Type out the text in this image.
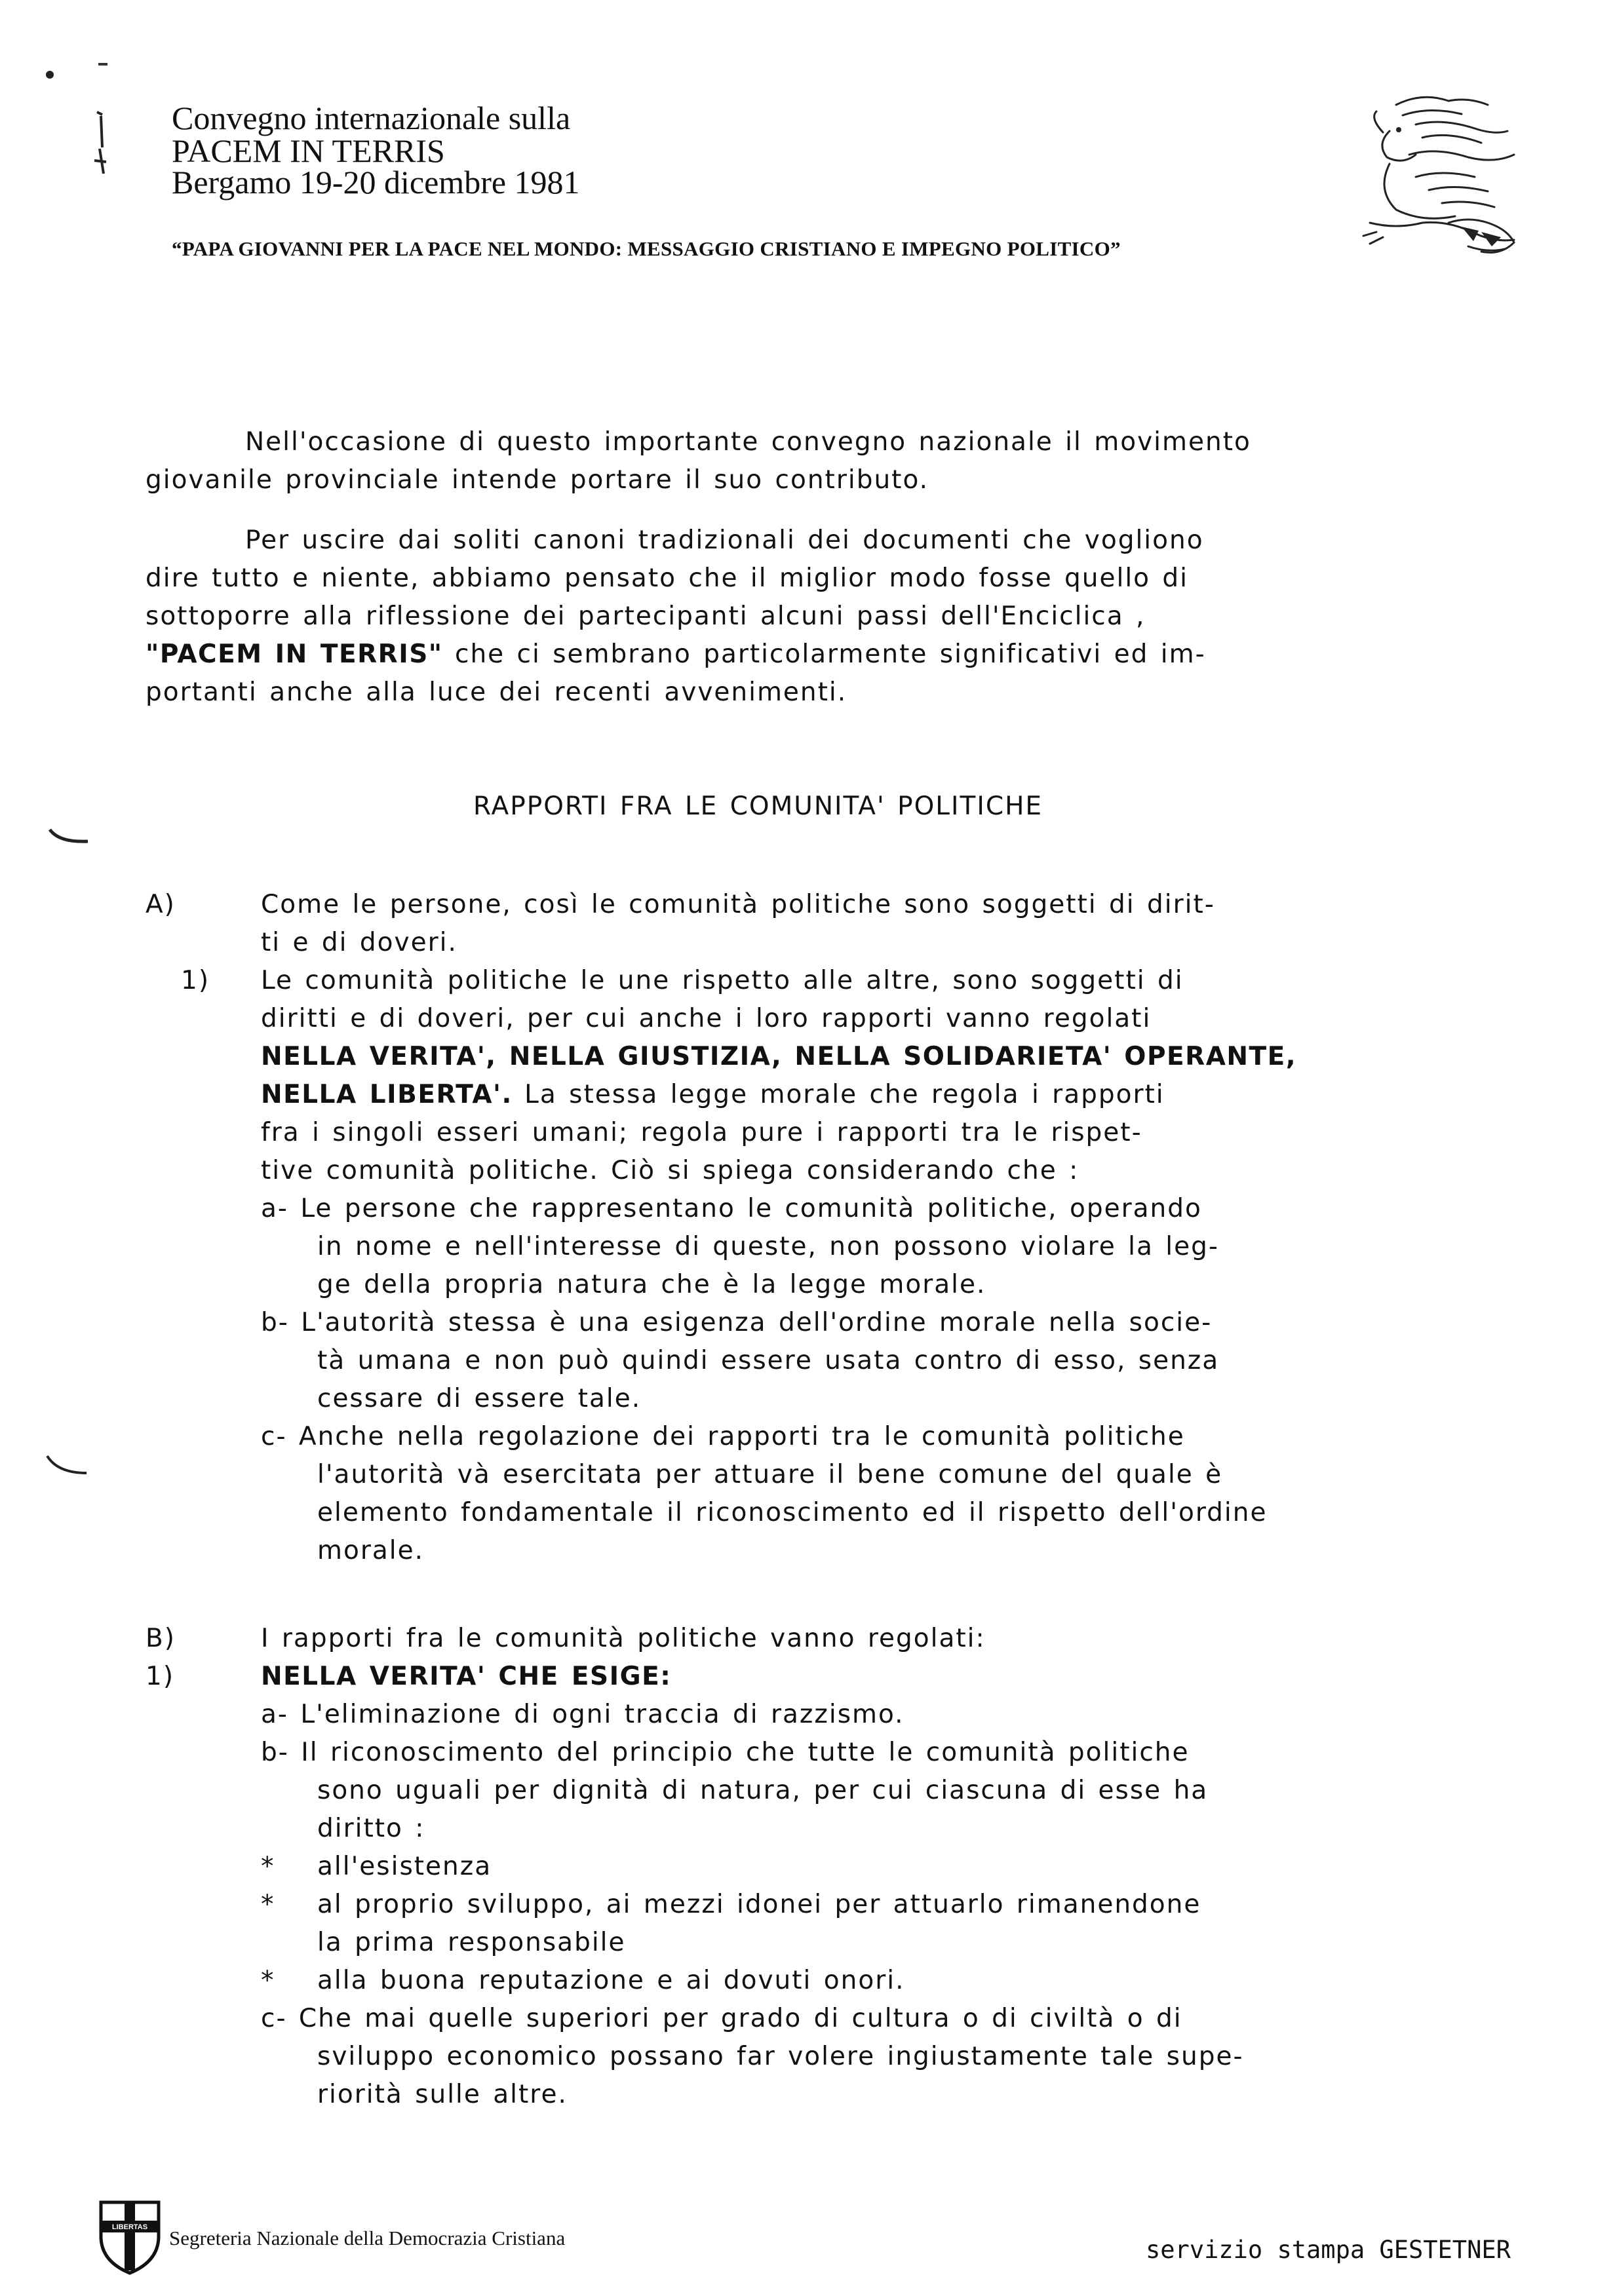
Convegno internazionale sulla
PACEM IN TERRIS
Bergamo 19-20 dicembre 1981
“PAPA GIOVANNI PER LA PACE NEL MONDO: MESSAGGIO CRISTIANO E IMPEGNO POLITICO”
Nell'occasione di questo importante convegno nazionale il movimento
giovanile provinciale intende portare il suo contributo.
Per uscire dai soliti canoni tradizionali dei documenti che vogliono
dire tutto e niente, abbiamo pensato che il miglior modo fosse quello di
sottoporre alla riflessione dei partecipanti alcuni passi dell'Enciclica ,
"PACEM IN TERRIS" che ci sembrano particolarmente significativi ed im-
portanti anche alla luce dei recenti avvenimenti.
RAPPORTI FRA LE COMUNITA' POLITICHE
A)	Come le persone, così le comunità politiche sono soggetti di dirit-
ti e di doveri.
1) Le comunità politiche le une rispetto alle altre, sono soggetti di
diritti e di doveri, per cui anche i loro rapporti vanno regolati
NELLA VERITA', NELLA GIUSTIZIA, NELLA SOLIDARIETA' OPERANTE,
NELLA LIBERTA'. La stessa legge morale che regola i rapporti
fra i singoli esseri umani; regola pure i rapporti tra le rispet-
tive comunità politiche. Ciò si spiega considerando che :
a- Le persone che rappresentano le comunità politiche, operando
in nome e nell'interesse di queste, non possono violare la leg-
ge della propria natura che è la legge morale.
b- L'autorità stessa è una esigenza dell'ordine morale nella socie-
tà umana e non può quindi essere usata contro di esso, senza
cessare di essere tale.
c- Anche nella regolazione dei rapporti tra le comunità politiche
l'autorità và esercitata per attuare il bene comune del quale è
elemento fondamentale il riconoscimento ed il rispetto dell'ordine
morale.
B)	I rapporti fra le comunità politiche vanno regolati:
1)	NELLA VERITA' CHE ESIGE:
a- L'eliminazione di ogni traccia di razzismo.
b- Il riconoscimento del principio che tutte le comunità politiche
sono uguali per dignità di natura, per cui ciascuna di esse ha
diritto :
* all'esistenza
* al proprio sviluppo, ai mezzi idonei per attuarlo rimanendone
la prima responsabile
* alla buona reputazione e ai dovuti onori.
c- Che mai quelle superiori per grado di cultura o di civiltà o di
sviluppo economico possano far volere ingiustamente tale supe-
riorità sulle altre.
LIBERTAS Segreteria Nazionale della Democrazia Cristiana	servizio stampa GESTETNER
